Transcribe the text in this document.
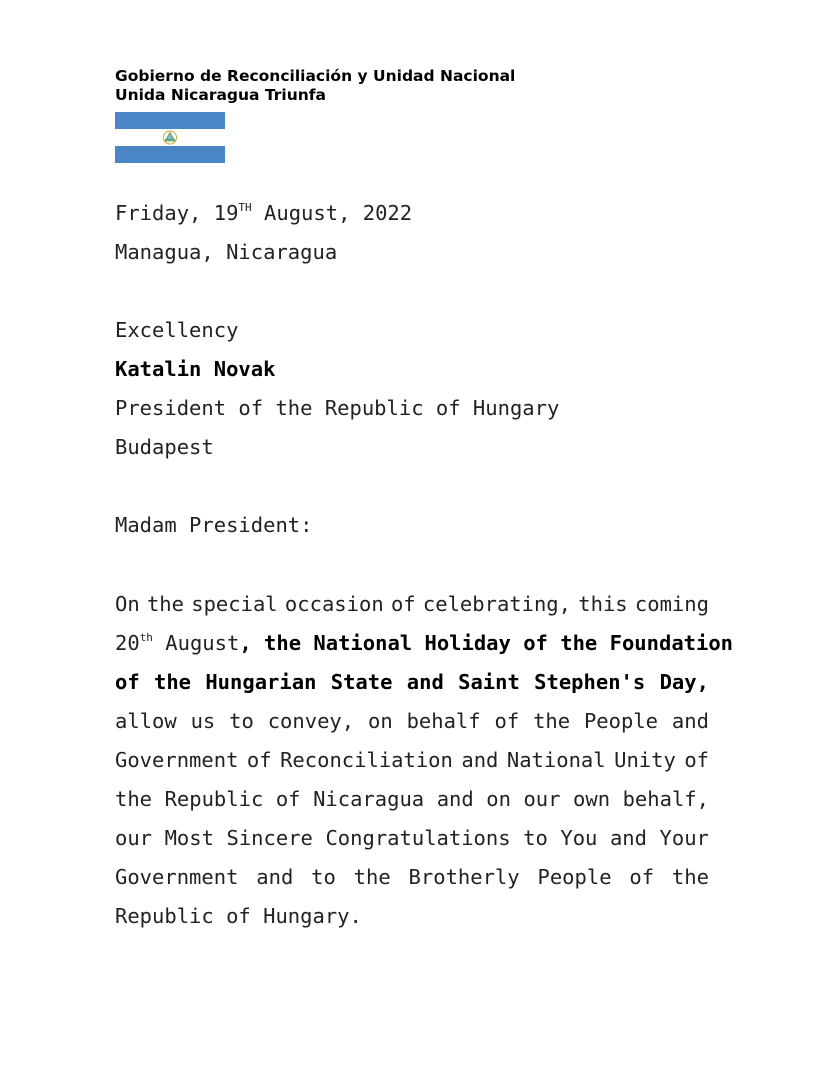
Gobierno de Reconciliación y Unidad Nacional
Unida Nicaragua Triunfa
Friday, 19TH August, 2022
Managua, Nicaragua
Excellency
Katalin Novak
President of the Republic of Hungary
Budapest
Madam President:
On the special occasion of celebrating, this coming
20th August, the National Holiday of the Foundation
of the Hungarian State and Saint Stephen's Day,
allow us to convey, on behalf of the People and
Government of Reconciliation and National Unity of
the Republic of Nicaragua and on our own behalf,
our Most Sincere Congratulations to You and Your
Government and to the Brotherly People of the
Republic of Hungary.
